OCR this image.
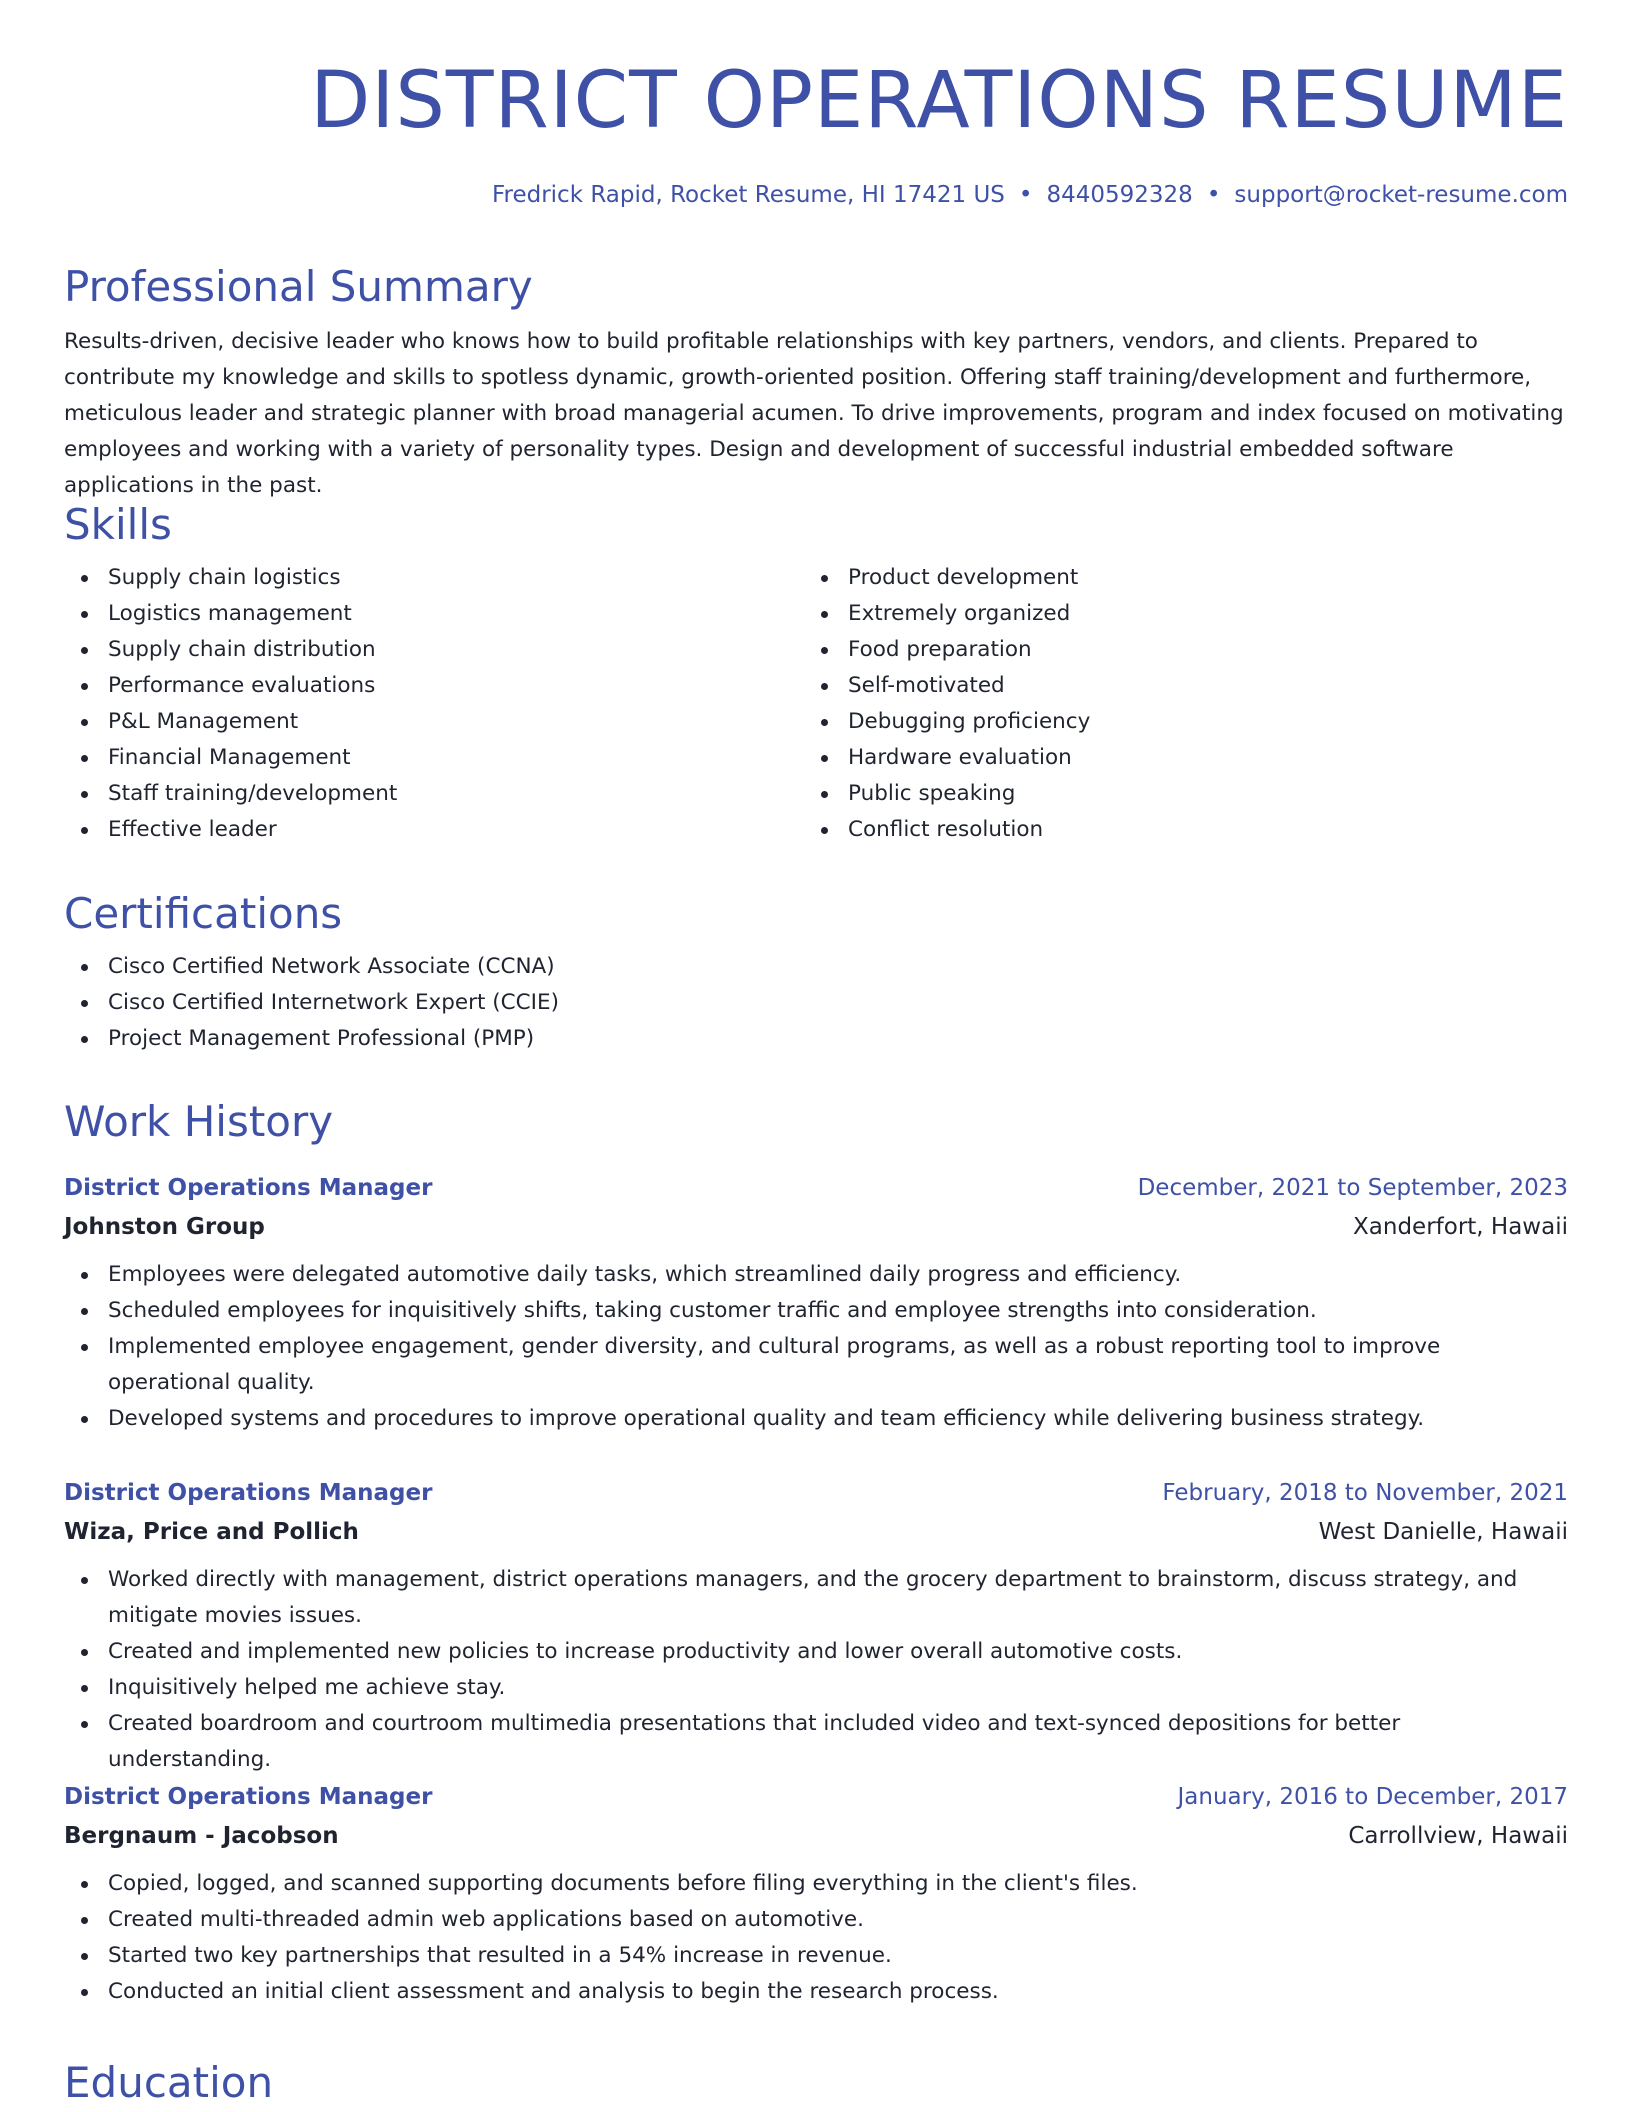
DISTRICT OPERATIONS RESUME
Fredrick Rapid, Rocket Resume, HI 17421 US • 8440592328 • support@rocket-resume.com
Professional Summary

Results-driven, decisive leader who knows how to build profitable relationships with key partners, vendors, and clients. Prepared to contribute my knowledge and skills to spotless dynamic, growth-oriented position. Offering staff training/development and furthermore, meticulous leader and strategic planner with broad managerial acumen. To drive improvements, program and index focused on motivating employees and working with a variety of personality types. Design and development of successful industrial embedded software applications in the past.

Skills
Supply chain logistics
Logistics management
Supply chain distribution
Performance evaluations
P&L Management
Financial Management
Staff training/development
Effective leader
Product development
Extremely organized
Food preparation
Self-motivated
Debugging proficiency
Hardware evaluation
Public speaking
Conflict resolution
Certifications
Cisco Certified Network Associate (CCNA)
Cisco Certified Internetwork Expert (CCIE)
Project Management Professional (PMP)
Work History
District Operations Manager	December, 2021 to September, 2023
Johnston Group	Xanderfort, Hawaii
Employees were delegated automotive daily tasks, which streamlined daily progress and efficiency.
Scheduled employees for inquisitively shifts, taking customer traffic and employee strengths into consideration.
Implemented employee engagement, gender diversity, and cultural programs, as well as a robust reporting tool to improve operational quality.
Developed systems and procedures to improve operational quality and team efficiency while delivering business strategy.
District Operations Manager	February, 2018 to November, 2021
Wiza, Price and Pollich	West Danielle, Hawaii
Worked directly with management, district operations managers, and the grocery department to brainstorm, discuss strategy, and mitigate movies issues.
Created and implemented new policies to increase productivity and lower overall automotive costs.
Inquisitively helped me achieve stay.
Created boardroom and courtroom multimedia presentations that included video and text-synced depositions for better understanding.
District Operations Manager	January, 2016 to December, 2017
Bergnaum - Jacobson	Carrollview, Hawaii
Copied, logged, and scanned supporting documents before filing everything in the client's files.
Created multi-threaded admin web applications based on automotive.
Started two key partnerships that resulted in a 54% increase in revenue.
Conducted an initial client assessment and analysis to begin the research process.
Education
